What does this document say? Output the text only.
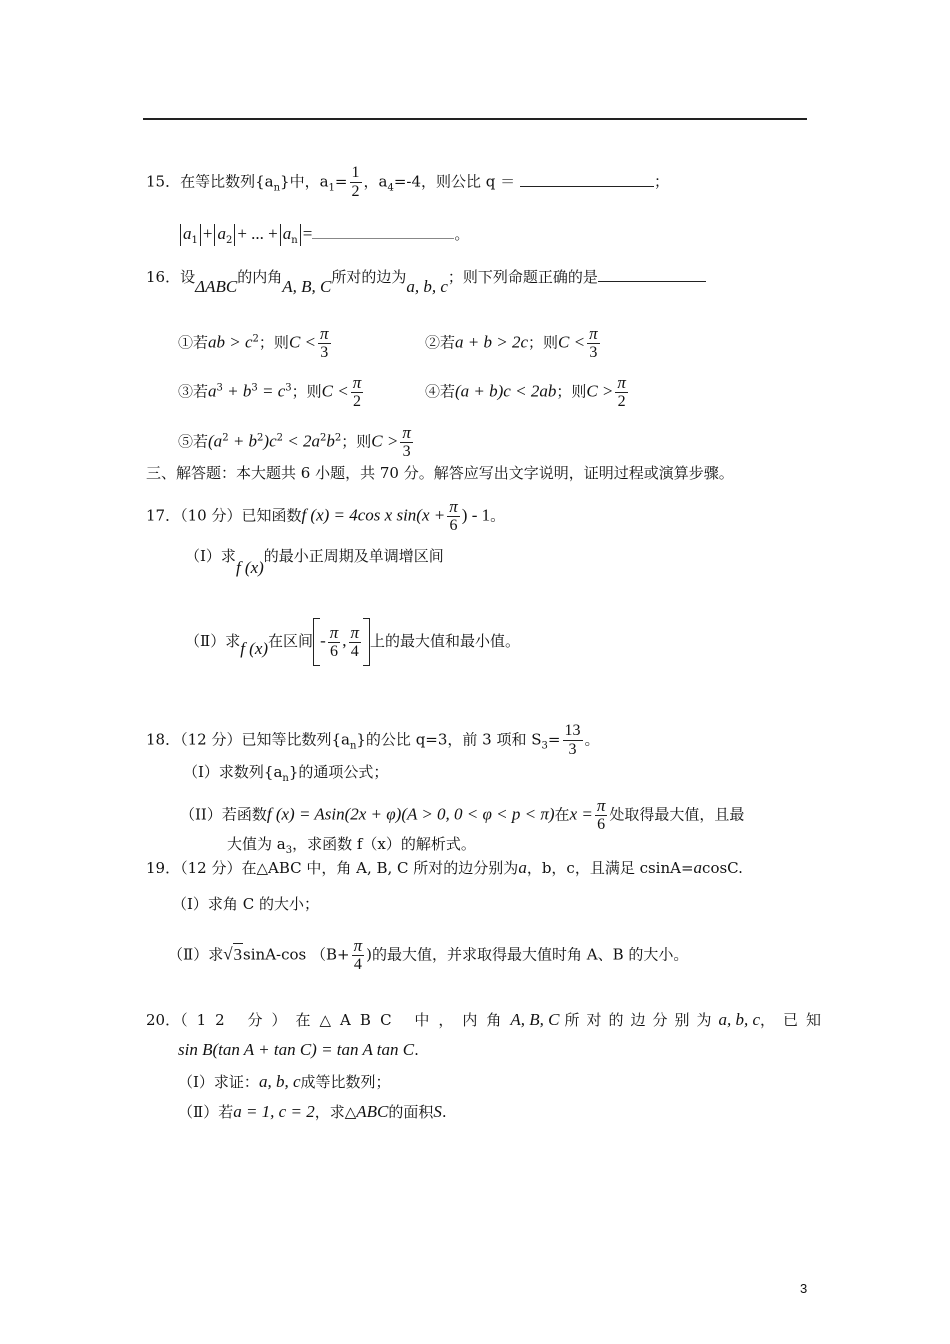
15．在等比数列$\{a_n\}$中，$a_1= \frac{1}{2}$ ，$a_4=-4$，则公比 q ＝	；
$a_1 + a_2$ + ... + $a_n$ =	。
16．设ΔABC的内角A, B, C所对的边为a, b, c；则下列命题正确的是
①若ab > $c^2$；则$C < \frac{\pi}{3}$	②若a + b > 2c；则$C < \frac{\pi}{3}$
③若$a^3 + b^3 = c^3$；则$C < \frac{\pi}{2}$	④若(a + b)c < 2ab；则$C > \frac{\pi}{2}$
⑤若$(a^2 + b^2)c^2 < 2a^2b^2$；则$C > \frac{\pi}{3}$
三、解答题：本大题共 6 小题，共 70 分。解答应写出文字说明，证明过程或演算步骤。
17．（10 分）已知函数f (x) = 4cos x $\sin(x + \frac{\pi}{6}$ ) - 1。
（Ⅰ）求f (x)的最小正周期及单调增区间
（Ⅱ）求f (x)在区间 - $\frac{\pi}{6}$ , $\frac{\pi}{4}$ 上的最大值和最小值。
18．（12 分）已知等比数列$\{a_n\}$的公比 q=3，前 3 项和 $S_3= \frac{13}{3}$ 。
（I）求数列$\{a_n\}$的通项公式；
（II）若函数f (x) = Asin(2x + φ)(A > 0, 0 < φ < p < π)在$x = \frac{\pi}{6}$ 处取得最大值，且最
大值为 $a_3$，求函数 f（x）的解析式。
19．（12 分）在△ABC 中，角 A, B, C 所对的边分别为a，b，c，且满足 csinA=acosC.
（Ⅰ）求角 C 的大小；
（Ⅱ）求√3sinA-cos （$B+ \frac{\pi}{4}$ )的最大值，并求取得最大值时角 A、B 的大小。
20．（12 分）在△ABC 中，内角A, B, C 所对的边分别为a, b, c，已知
sin B(tan A + tan C) = tan A tan C.
（Ⅰ）求证：a, b, c成等比数列；
（Ⅱ）若a = 1, c = 2，求△ABC的面积S.
3
